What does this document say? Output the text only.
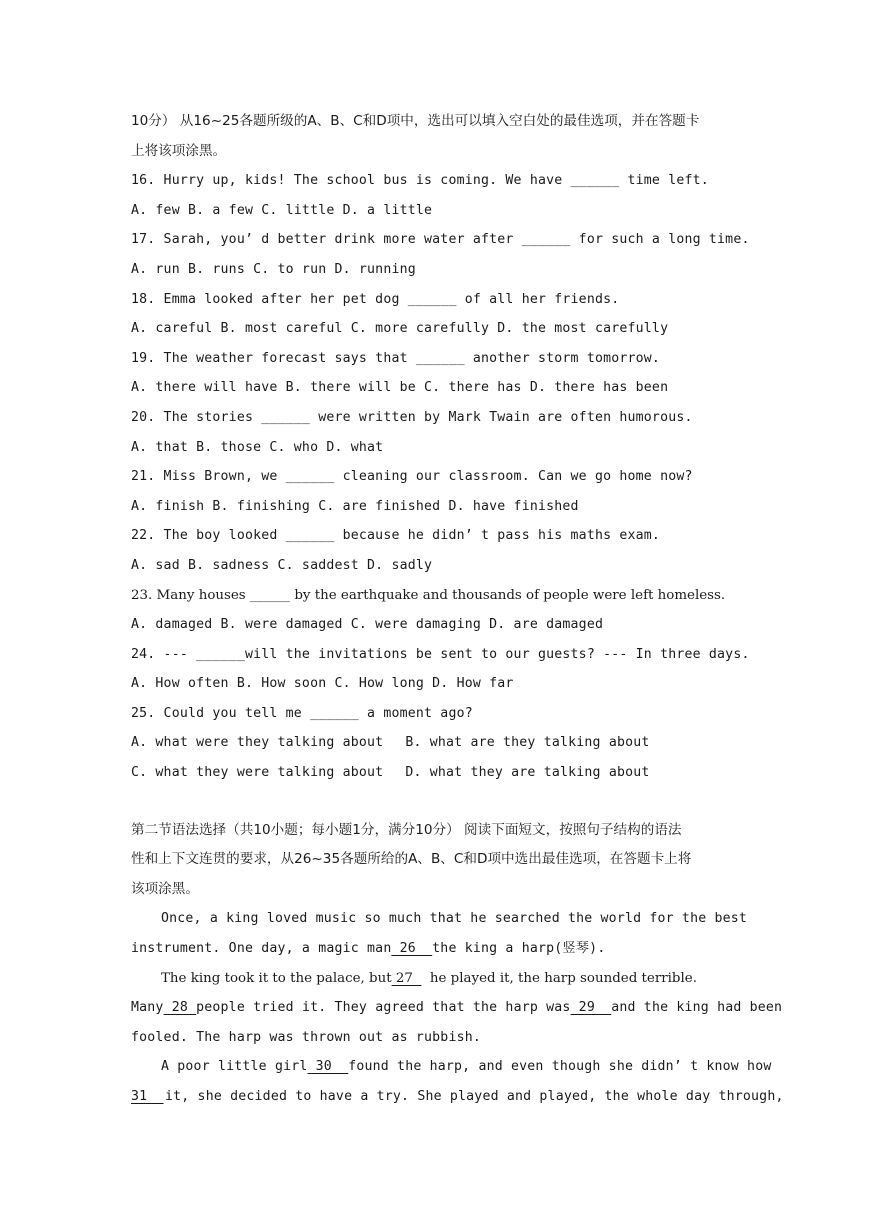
10分） 从16~25各题所级的A、B、C和D项中，选出可以填入空白处的最佳选项，并在答题卡
上将该项涂黑。
16. Hurry up, kids! The school bus is coming. We have ______ time left.
A. few B. a few C. little D. a little
17. Sarah, you’ d better drink more water after ______ for such a long time.
A. run B. runs C. to run D. running
18. Emma looked after her pet dog ______ of all her friends.
A. careful B. most careful C. more carefully D. the most carefully
19. The weather forecast says that ______ another storm tomorrow.
A. there will have B. there will be C. there has D. there has been
20. The stories ______ were written by Mark Twain are often humorous.
A. that B. those C. who D. what
21. Miss Brown, we ______ cleaning our classroom. Can we go home now?
A. finish B. finishing C. are finished D. have finished
22. The boy looked ______ because he didn’ t pass his maths exam.
A. sad B. sadness C. saddest D. sadly
23. Many houses ______ by the earthquake and thousands of people were left homeless.
A. damaged B. were damaged C. were damaging D. are damaged
24. --- ______will the invitations be sent to our guests? --- In three days.
A. How often B. How soon C. How long D. How far
25. Could you tell me ______ a moment ago?
A. what were they talking about B. what are they talking about
C. what they were talking about D. what they are talking about
第二节语法选择（共10小题；每小题1分，满分10分） 阅读下面短文，按照句子结构的语法
性和上下文连贯的要求，从26~35各题所给的A、B、C和D项中选出最佳选项，在答题卡上将
该项涂黑。
Once, a king loved music so much that he searched the world for the best
instrument. One day, a magic man 26  the king a harp(竖琴).
The king took it to the palace, but 27   he played it, the harp sounded terrible.
Many 28 people tried it. They agreed that the harp was 29  and the king had been
fooled. The harp was thrown out as rubbish.
A poor little girl 30  found the harp, and even though she didn’ t know how
31  it, she decided to have a try. She played and played, the whole day through,
